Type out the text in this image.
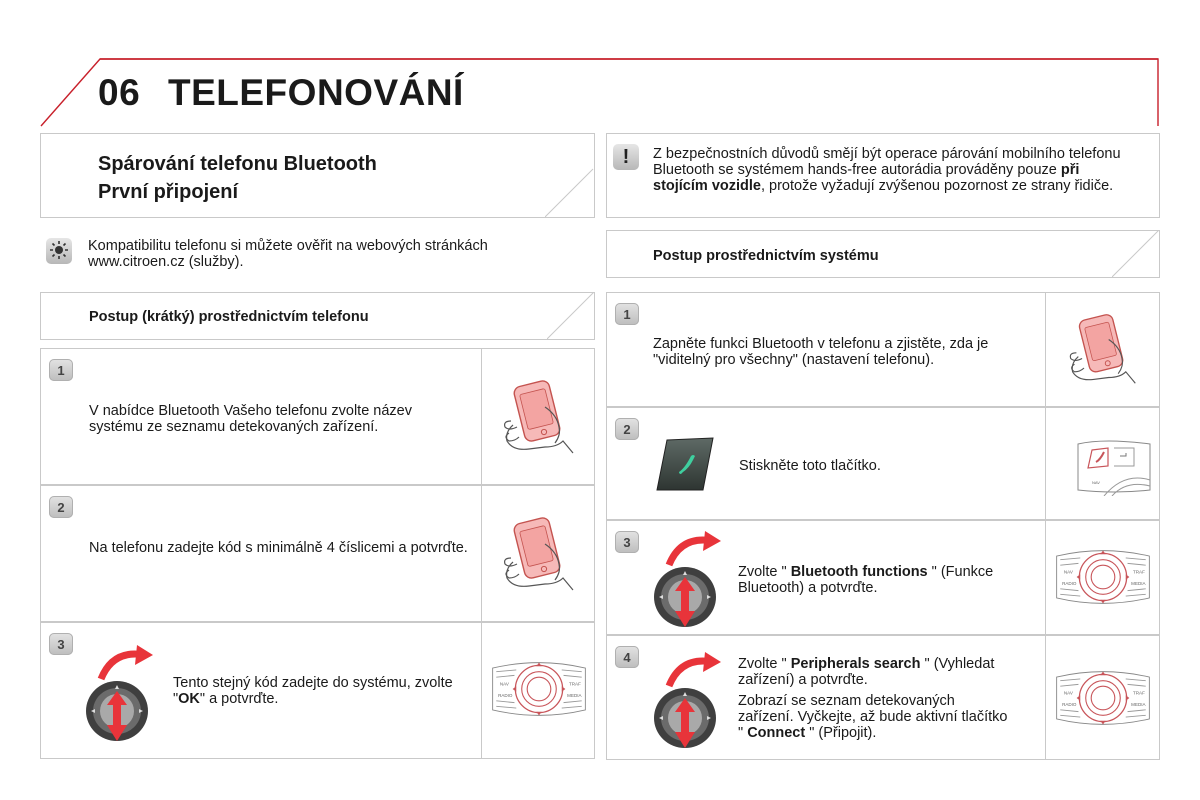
06 TELEFONOVÁNÍ
Spárování telefonu Bluetooth
První připojení
!	Z bezpečnostních důvodů smějí být operace párování mobilního telefonu Bluetooth se systémem hands-free autorádia prováděny pouze při stojícím vozidle, protože vyžadují zvýšenou pozornost ze strany řidiče.
Kompatibilitu telefonu si můžete ověřit na webových stránkách www.citroen.cz (služby).
Postup (krátký) prostřednictvím telefonu
1
V nabídce Bluetooth Vašeho telefonu zvolte název systému ze seznamu detekovaných zařízení.
2
Na telefonu zadejte kód s minimálně 4 číslicemi a potvrďte.
3
Tento stejný kód zadejte do systému, zvolte "OK" a potvrďte.
Postup prostřednictvím systému
1
Zapněte funkci Bluetooth v telefonu a zjistěte, zda je "viditelný pro všechny" (nastavení telefonu).
2
Stiskněte toto tlačítko.
3
Zvolte " Bluetooth functions " (Funkce Bluetooth) a potvrďte.
4	Zvolte " Peripherals search " (Vyhledat zařízení) a potvrďte.
Zobrazí se seznam detekovaných zařízení. Vyčkejte, až bude aktivní tlačítko " Connect " (Připojit).
